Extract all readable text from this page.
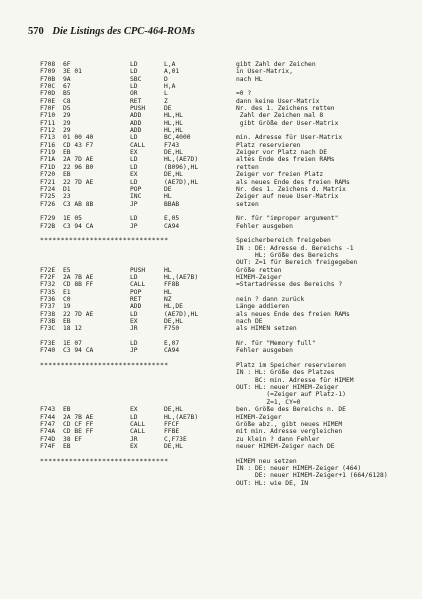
570 Die Listings des CPC-464-ROMs
F708 6F	LD	L,A	gibt Zahl der Zeichen
F709 3E 01	LD	A,01	in User-Matrix,
F70B 9A	SBC	D	nach HL
F70C 67	LD	H,A
F70D B5	OR	L	=0 ?
F70E C8	RET	Z	dann keine User-Matrix
F70F D5	PUSH	DE	Nr. des 1. Zeichens retten
F710 29	ADD	HL,HL	Zahl der Zeichen mal 8
F711 29	ADD	HL,HL	gibt Größe der User-Matrix
F712 29	ADD	HL,HL
F713 01 00 40	LD	BC,4000	min. Adresse für User-Matrix
F716 CD 43 F7	CALL	F743	Platz reservieren
F719 EB	EX	DE,HL	Zeiger vor Platz nach DE
F71A 2A 7D AE	LD	HL,(AE7D)	altes Ende des freien RAMs
F71D 22 96 B0	LD	(B096),HL	retten
F720 EB	EX	DE,HL	Zeiger vor freien Platz
F721 22 7D AE	LD	(AE7D),HL	als neues Ende des freien RAMs
F724 D1	POP	DE	Nr. des 1. Zeichens d. Matrix
F725 23	INC	HL	Zeiger auf neue User-Matrix
F726 C3 AB 8B	JP	BBAB	setzen
F729 1E 05	LD	E,05	Nr. für "improper argument"
F72B C3 94 CA	JP	CA94	Fehler ausgeben
*******************************	Speicherbereich freigeben
IN : DE: Adresse d. Bereichs -1
HL: Größe des Bereichs
OUT: Z=1 für Bereich freigegeben
F72E E5	PUSH	HL	Größe retten
F72F 2A 7B AE	LD	HL,(AE7B)	HIMEM-Zeiger
F732 CD 8B FF	CALL	FF8B	=Startadresse des Bereichs ?
F735 E1	POP	HL
F736 C0	RET	NZ	nein ? dann zurück
F737 19	ADD	HL,DE	Länge addieren
F738 22 7D AE	LD	(AE7D),HL	als neues Ende des freien RAMs
F73B EB	EX	DE,HL	nach DE
F73C 18 12	JR	F750	als HIMEN setzen
F73E 1E 07	LD	E,07	Nr. für "Memory full"
F740 C3 94 CA	JP	CA94	Fehler ausgeben
*******************************	Platz im Speicher reservieren
IN : HL: Größe des Platzes
BC: min. Adresse für HIMEM
OUT: HL: neuer HIMEM-Zeiger
(=Zeiger auf Platz-1)
Z=1, CY=0
F743 EB	EX	DE,HL	ben. Größe des Bereichs n. DE
F744 2A 7B AE	LD	HL,(AE7B)	HIMEM-Zeiger
F747 CD CF FF	CALL	FFCF	Größe abz., gibt neues HIMEM
F74A CD BE FF	CALL	FFBE	mit min. Adresse vergleichen
F74D 38 EF	JR	C,F73E	zu klein ? dann Fehler
F74F EB	EX	DE,HL	neuer HIMEM-Zeiger nach DE
*******************************	HIMEM neu setzen
IN : DE: neuer HIMEM-Zeiger (464)
DE: neuer HIMEM-Zeiger+1 (664/6128)
OUT: HL: wie DE, IN
